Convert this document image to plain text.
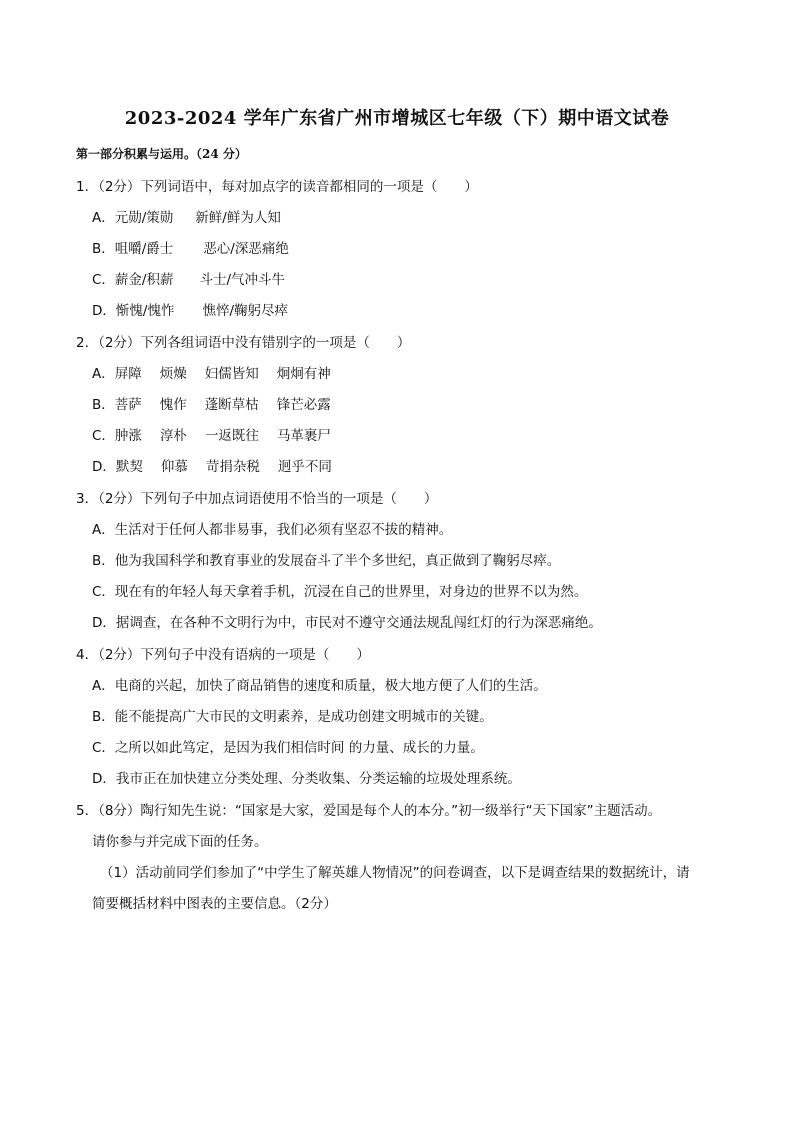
2023-2024 学年广东省广州市增城区七年级（下）期中语文试卷
第一部分积累与运用。（24 分）
1．（2分）下列词语中，每对加点字的读音都相同的一项是（　　）
A．元勋/策勋 新鲜/鲜为人知
B．咀嚼/爵士 恶心/深恶痛绝
C．薪金/积薪 斗士/气冲斗牛
D．惭愧/愧怍 憔悴/鞠躬尽瘁
2．（2分）下列各组词语中没有错别字的一项是（　　）
A．屏障 烦燥 妇儒皆知 炯炯有神
B．菩萨 愧作 蓬断草枯 锋芒必露
C．肿涨 淳朴 一返既往 马革裹尸
D．默契 仰慕 苛捐杂税 迥乎不同
3．（2分）下列句子中加点词语使用不恰当的一项是（　　）
A．生活对于任何人都非易事，我们必须有坚忍不拔的精神。
B．他为我国科学和教育事业的发展奋斗了半个多世纪，真正做到了鞠躬尽瘁。
C．现在有的年轻人每天拿着手机，沉浸在自己的世界里，对身边的世界不以为然。
D．据调查，在各种不文明行为中，市民对不遵守交通法规乱闯红灯的行为深恶痛绝。
4．（2分）下列句子中没有语病的一项是（　　）
A．电商的兴起，加快了商品销售的速度和质量，极大地方便了人们的生活。
B．能不能提高广大市民的文明素养，是成功创建文明城市的关键。
C．之所以如此笃定，是因为我们相信时间 的力量、成长的力量。
D．我市正在加快建立分类处理、分类收集、分类运输的垃圾处理系统。
5．（8分）陶行知先生说：“国家是大家，爱国是每个人的本分。”初一级举行“天下国家”主题活动。
请你参与并完成下面的任务。
（1）活动前同学们参加了“中学生了解英雄人物情况”的问卷调查，以下是调查结果的数据统计，请
简要概括材料中图表的主要信息。（2分）
